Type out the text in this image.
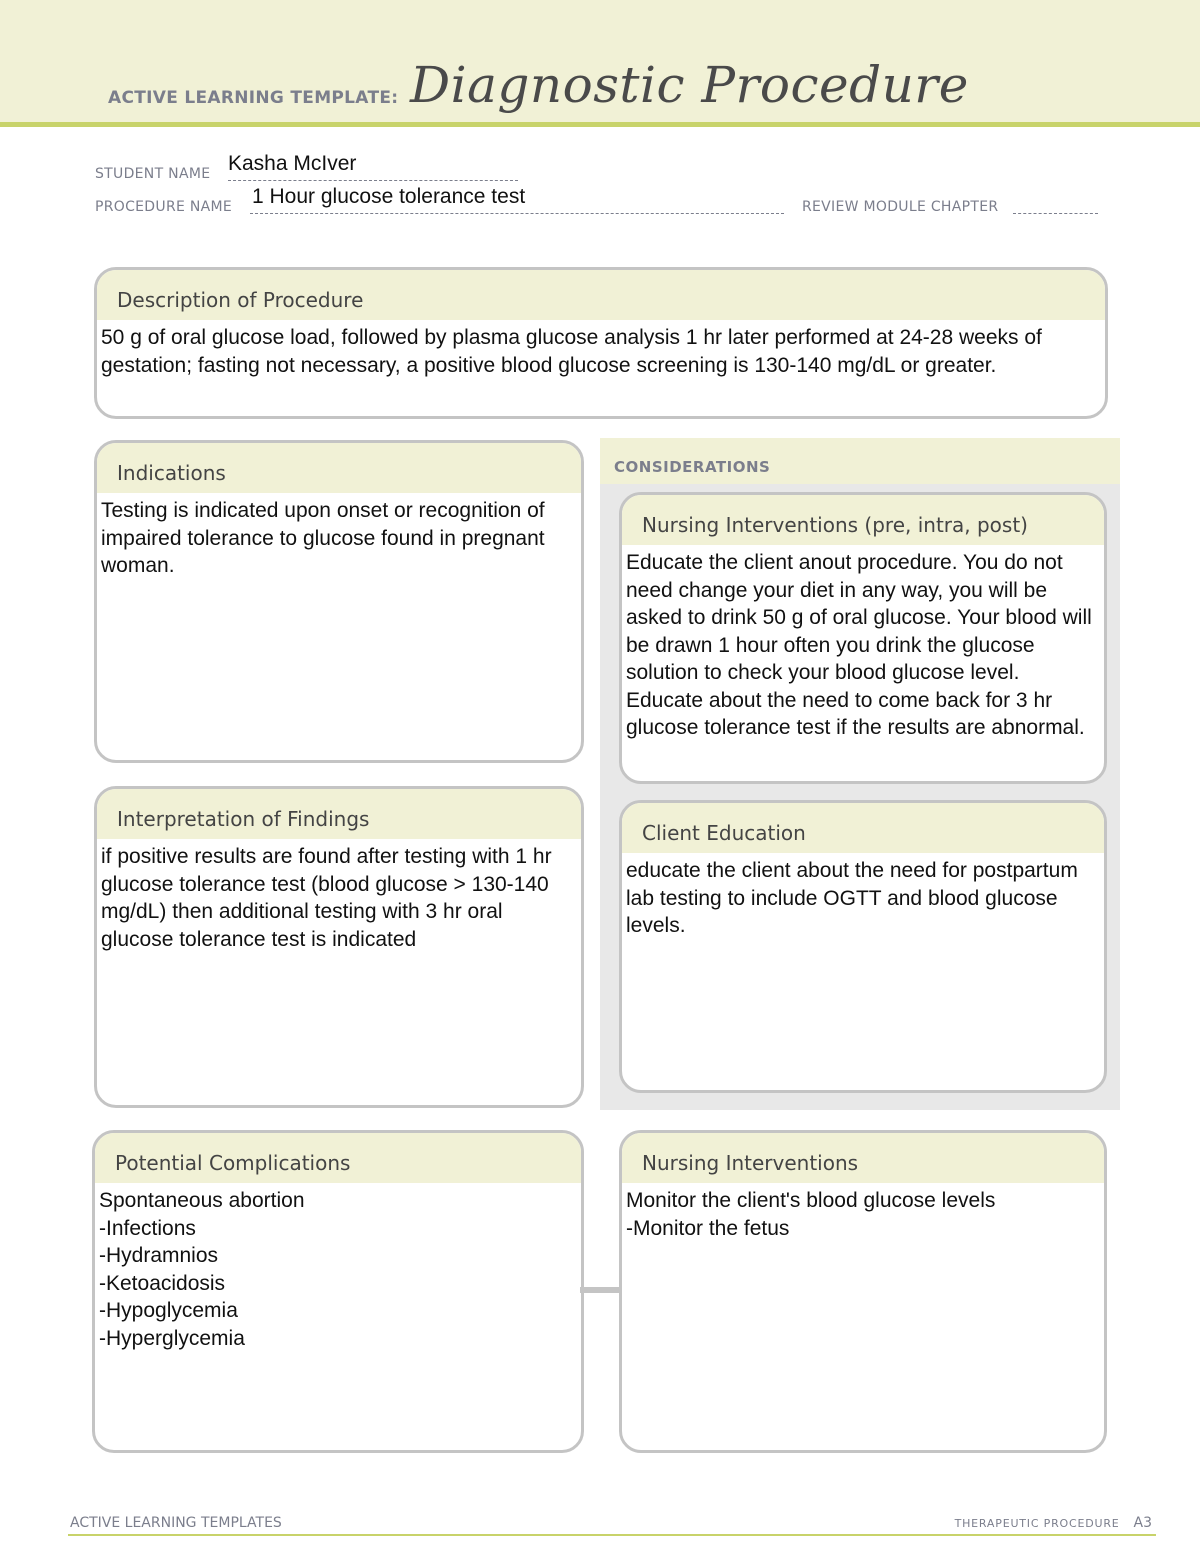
ACTIVE LEARNING TEMPLATE: Diagnostic Procedure
STUDENT NAME Kasha McIver
PROCEDURE NAME 1 Hour glucose tolerance test	REVIEW MODULE CHAPTER
Description of Procedure
50 g of oral glucose load, followed by plasma glucose analysis 1 hr later performed at 24-28 weeks of gestation; fasting not necessary, a positive blood glucose screening is 130-140 mg/dL or greater.
Indications
Testing is indicated upon onset or recognition of impaired tolerance to glucose found in pregnant woman.
CONSIDERATIONS
Nursing Interventions (pre, intra, post)
Educate the client anout procedure. You do not need change your diet in any way, you will be asked to drink 50 g of oral glucose. Your blood will be drawn 1 hour often you drink the glucose solution to check your blood glucose level. Educate about the need to come back for 3 hr glucose tolerance test if the results are abnormal.
Client Education
educate the client about the need for postpartum lab testing to include OGTT and blood glucose levels.
Interpretation of Findings
if positive results are found after testing with 1 hr glucose tolerance test (blood glucose > 130-140 mg/dL) then additional testing with 3 hr oral glucose tolerance test is indicated
Potential Complications
Spontaneous abortion
-Infections
-Hydramnios
-Ketoacidosis
-Hypoglycemia
-Hyperglycemia
Nursing Interventions
Monitor the client's blood glucose levels
-Monitor the fetus
ACTIVE LEARNING TEMPLATES	THERAPEUTIC PROCEDURE A3
